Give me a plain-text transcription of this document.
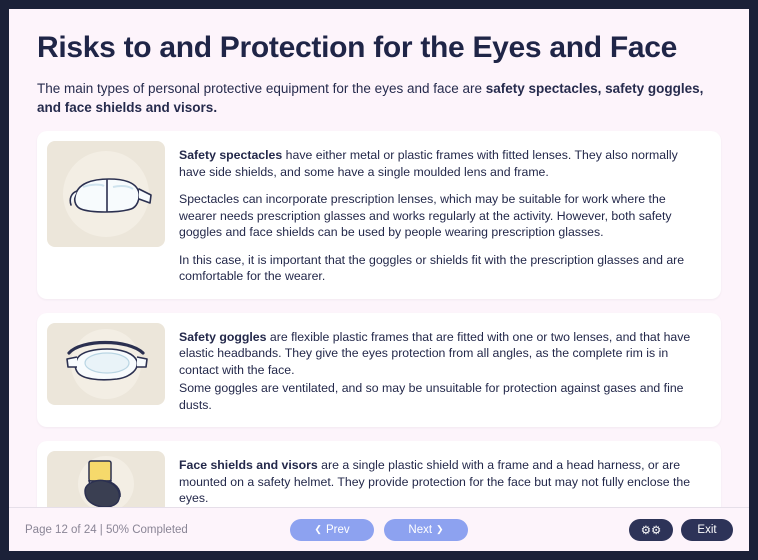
Risks to and Protection for the Eyes and Face

The main types of personal protective equipment for the eyes and face are safety spectacles, safety goggles, and face shields and visors.

Safety spectacles have either metal or plastic frames with fitted lenses. They also normally have side shields, and some have a single moulded lens and frame.

Spectacles can incorporate prescription lenses, which may be suitable for work where the wearer needs prescription glasses and works regularly at the activity. However, both safety goggles and face shields can be used by people wearing prescription glasses.

In this case, it is important that the goggles or shields fit with the prescription glasses and are comfortable for the wearer.

Safety goggles are flexible plastic frames that are fitted with one or two lenses, and that have elastic headbands. They give the eyes protection from all angles, as the complete rim is in contact with the face.

Some goggles are ventilated, and so may be unsuitable for protection against gases and fine dusts.

Face shields and visors are a single plastic shield with a frame and a head harness, or are mounted on a safety helmet. They provide protection for the face but may not fully enclose the eyes.

Page 12 of 24 | 50% Completed	❮ Prev	Next ❯	⚙⚙	Exit
